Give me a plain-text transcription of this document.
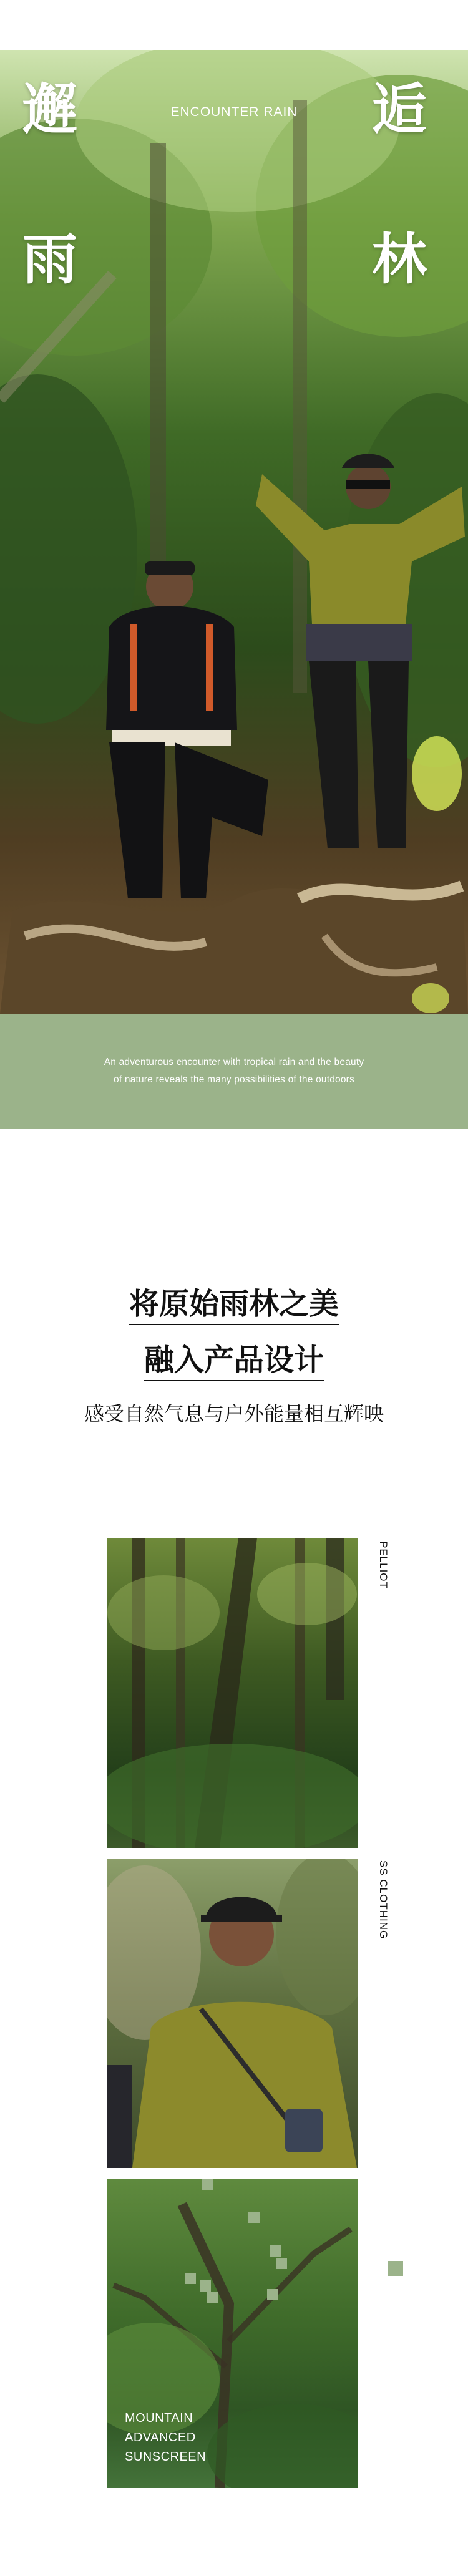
邂	逅
雨	林
ENCOUNTER RAIN
An adventurous encounter with tropical rain and the beauty
of nature reveals the many possibilities of the outdoors
将原始雨林之美
融入产品设计
感受自然气息与户外能量相互辉映
PELLIOT
SS CLOTHING
MOUNTAIN
ADVANCED
SUNSCREEN
